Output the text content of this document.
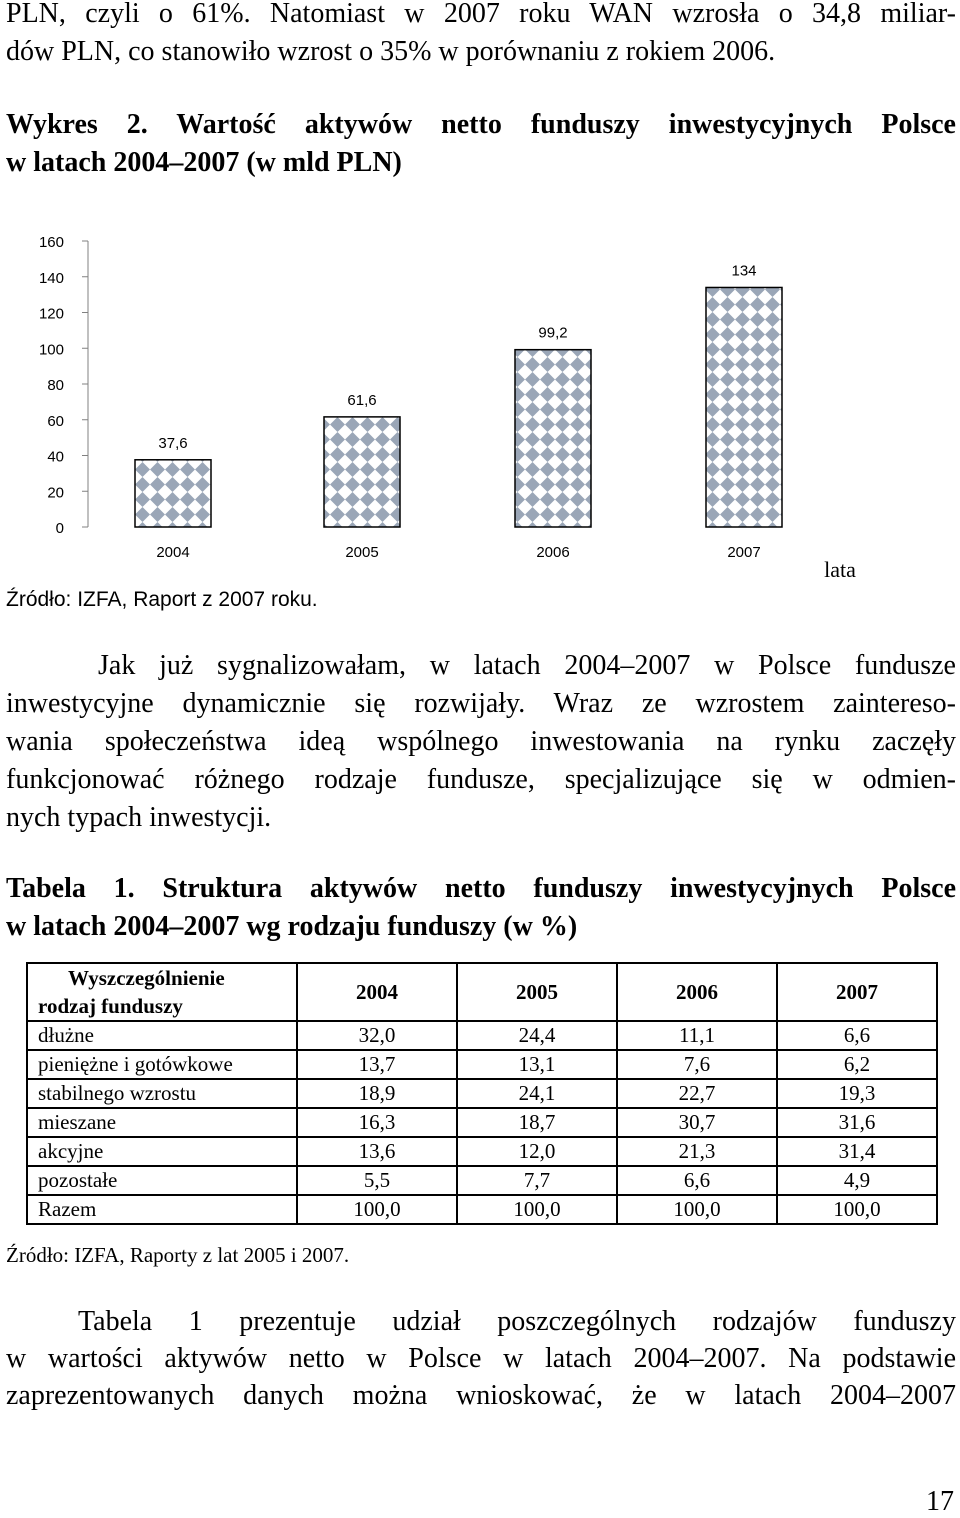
PLN, czyli o 61%. Natomiast w 2007 roku WAN wzrosła o 34,8 miliar-
dów PLN, co stanowiło wzrost o 35% w porównaniu z rokiem 2006.
Wykres 2. Wartość aktywów netto funduszy inwestycyjnych Polsce
w latach 2004–2007 (w mld PLN)
0
20
40
60
80
100
120
140
160
37,6
2004
61,6
2005
99,2
2006
134
2007
lata
Źródło: IZFA, Raport z 2007 roku.
Jak już sygnalizowałam, w latach 2004–2007 w Polsce fundusze
inwestycyjne dynamicznie się rozwijały. Wraz ze wzrostem zaintereso-
wania społeczeństwa ideą wspólnego inwestowania na rynku zaczęły
funkcjonować różnego rodzaje fundusze, specjalizujące się w odmien-
nych typach inwestycji.
Tabela 1. Struktura aktywów netto funduszy inwestycyjnych Polsce
w latach 2004–2007 wg rodzaju funduszy (w %)
Wyszczególnienie
rodzaj funduszy	2004	2005	2006	2007
dłużne	32,0	24,4	11,1	6,6
pieniężne i gotówkowe	13,7	13,1	7,6	6,2
stabilnego wzrostu	18,9	24,1	22,7	19,3
mieszane	16,3	18,7	30,7	31,6
akcyjne	13,6	12,0	21,3	31,4
pozostałe	5,5	7,7	6,6	4,9
Razem	100,0	100,0	100,0	100,0
Źródło: IZFA, Raporty z lat 2005 i 2007.
Tabela 1 prezentuje udział poszczególnych rodzajów funduszy
w wartości aktywów netto w Polsce w latach 2004–2007. Na podstawie
zaprezentowanych danych można wnioskować, że w latach 2004–2007
17
